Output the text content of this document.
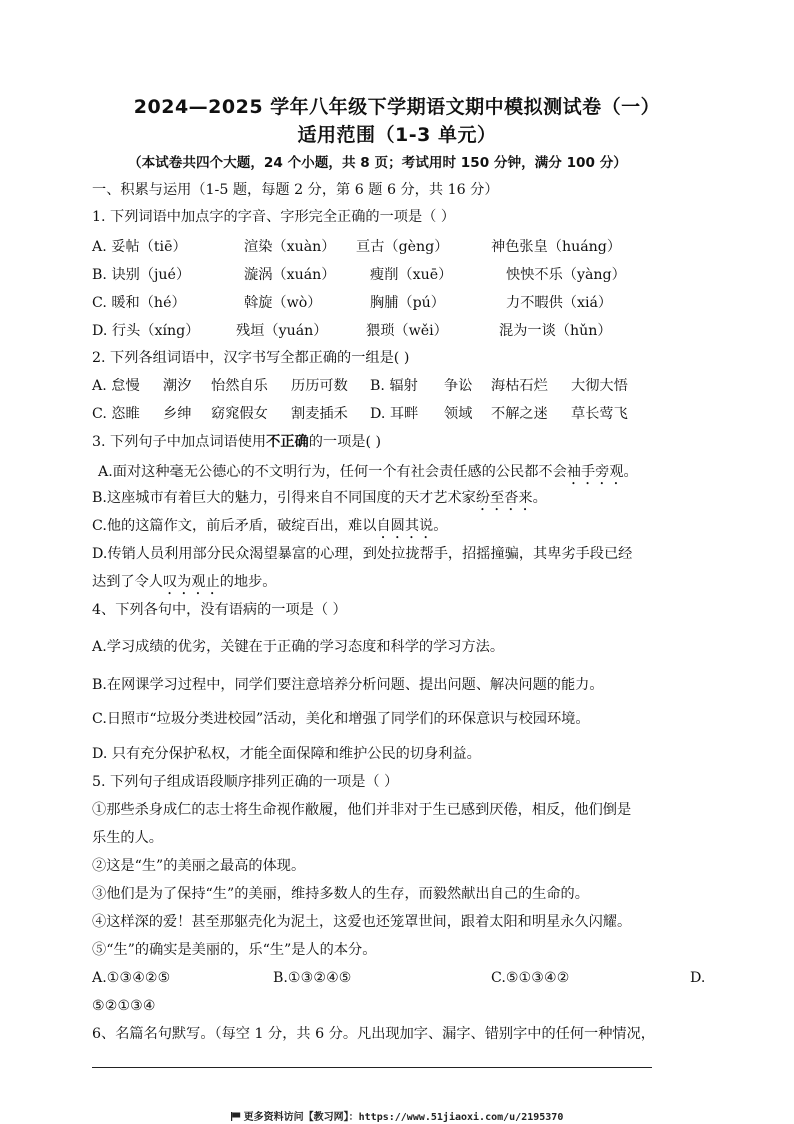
2024—2025 学年八年级下学期语文期中模拟测试卷（一）
适用范围（1-3 单元）
（本试卷共四个大题，24 个小题，共 8 页；考试用时 150 分钟，满分 100 分）
一、积累与运用（1-5 题，每题 2 分，第 6 题 6 分，共 16 分）
1. 下列词语中加点字的字音、字形完全正确的一项是（ ）
A. 妥帖（tiē）	渲染（xuàn） 亘古（gèng）	神色张皇（huáng）
B. 诀别（jué）	漩涡（xuán） 瘦削（xuē）	怏怏不乐（yàng）
C. 暖和（hé）	斡旋（wò）	胸脯（pú）	力不暇供（xiá）
D. 行头（xíng）	残垣（yuán）	猥琐（wěi）	混为一谈（hǔn）
2. 下列各组词语中，汉字书写全都正确的一组是( )
A. 怠慢 潮汐 怡然自乐 历历可数 B. 辐射 争讼 海枯石烂 大彻大悟
C. 恣睢 乡绅 窈窕假女 割麦插禾 D. 耳畔 领域 不解之迷 草长莺飞
3. 下列句子中加点词语使用不正确的一项是( )
A.面对这种毫无公德心的不文明行为，任何一个有社会责任感的公民都不会袖手旁观。
B.这座城市有着巨大的魅力，引得来自不同国度的天才艺术家纷至沓来。
C.他的这篇作文，前后矛盾，破绽百出，难以自圆其说。
D.传销人员利用部分民众渴望暴富的心理，到处拉拢帮手，招摇撞骗，其卑劣手段已经
达到了令人叹为观止的地步。
4、下列各句中，没有语病的一项是（ ）
A.学习成绩的优劣，关键在于正确的学习态度和科学的学习方法。
B.在网课学习过程中，同学们要注意培养分析问题、提出问题、解决问题的能力。
C.日照市“垃圾分类进校园”活动，美化和增强了同学们的环保意识与校园环境。
D. 只有充分保护私权，才能全面保障和维护公民的切身利益。
5. 下列句子组成语段顺序排列正确的一项是（ ）
①那些杀身成仁的志士将生命视作敝履，他们并非对于生已感到厌倦，相反，他们倒是
乐生的人。
②这是“生”的美丽之最高的体现。
③他们是为了保持“生”的美丽，维持多数人的生存，而毅然献出自己的生命的。
④这样深的爱！甚至那躯壳化为泥土，这爱也还笼罩世间，跟着太阳和明星永久闪耀。
⑤“生”的确实是美丽的，乐“生”是人的本分。
A.①③④②⑤	B.①③②④⑤	C.⑤①③④②	D.
⑤②①③④
6、名篇名句默写。（每空 1 分，共 6 分。凡出现加字、漏字、错别字中的任何一种情况，
更多资料访问【教习网】：https://www.51jiaoxi.com/u/2195370
